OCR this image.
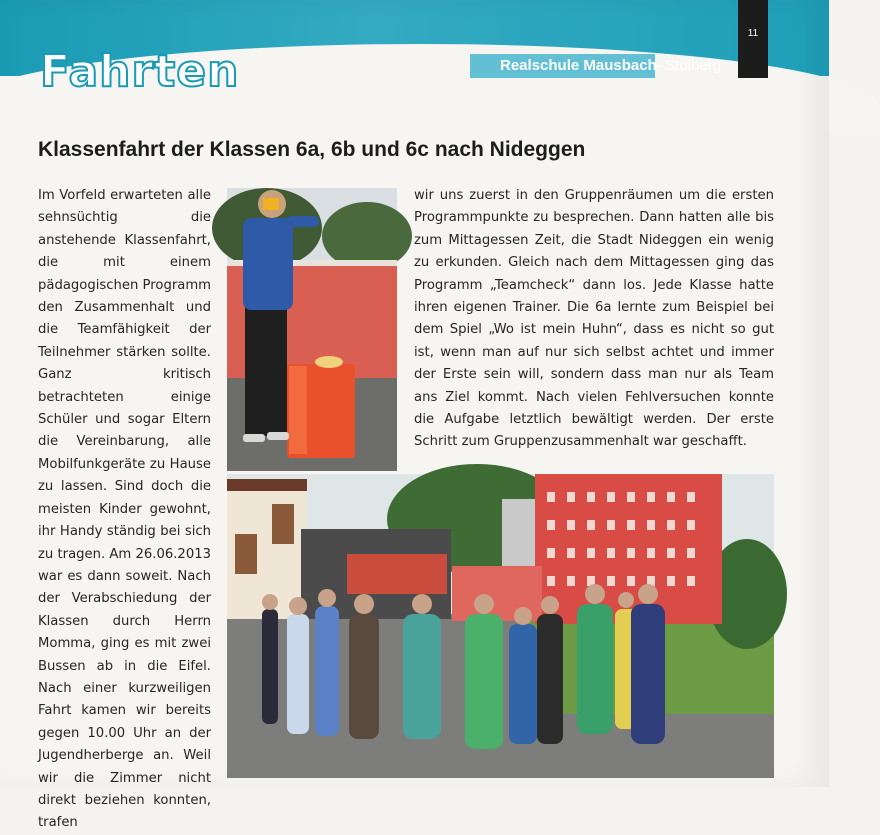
Fahrten	Realschule Mausbach - Stolberg
11
Klassenfahrt der Klassen 6a, 6b und 6c nach Nideggen

Im Vorfeld erwarteten alle sehnsüchtig die anstehende Klassenfahrt, die mit einem pädagogischen Programm den Zusammenhalt und die Teamfähigkeit der Teilnehmer stärken sollte. Ganz kritisch betrachteten einige Schüler und sogar Eltern die Vereinbarung, alle Mobilfunkgeräte zu Hause zu lassen. Sind doch die meisten Kinder gewohnt, ihr Handy ständig bei sich zu tragen. Am 26.06.2013 war es dann soweit. Nach der Verabschiedung der Klassen durch Herrn Momma, ging es mit zwei Bussen ab in die Eifel. Nach einer kurzweiligen Fahrt kamen wir bereits gegen 10.00 Uhr an der Jugendherberge an. Weil wir die Zimmer nicht direkt beziehen konnten, trafen

wir uns zuerst in den Gruppenräumen um die ersten Programmpunkte zu besprechen. Dann hatten alle bis zum Mittagessen Zeit, die Stadt Nideggen ein wenig zu erkunden. Gleich nach dem Mittagessen ging das Programm „Teamcheck“ dann los. Jede Klasse hatte ihren eigenen Trainer. Die 6a lernte zum Beispiel bei dem Spiel „Wo ist mein Huhn“, dass es nicht so gut ist, wenn man auf nur sich selbst achtet und immer der Erste sein will, sondern dass man nur als Team ans Ziel kommt. Nach vielen Fehlversuchen konnte die Aufgabe letztlich bewältigt werden. Der erste Schritt zum Gruppenzusammenhalt war geschafft.
